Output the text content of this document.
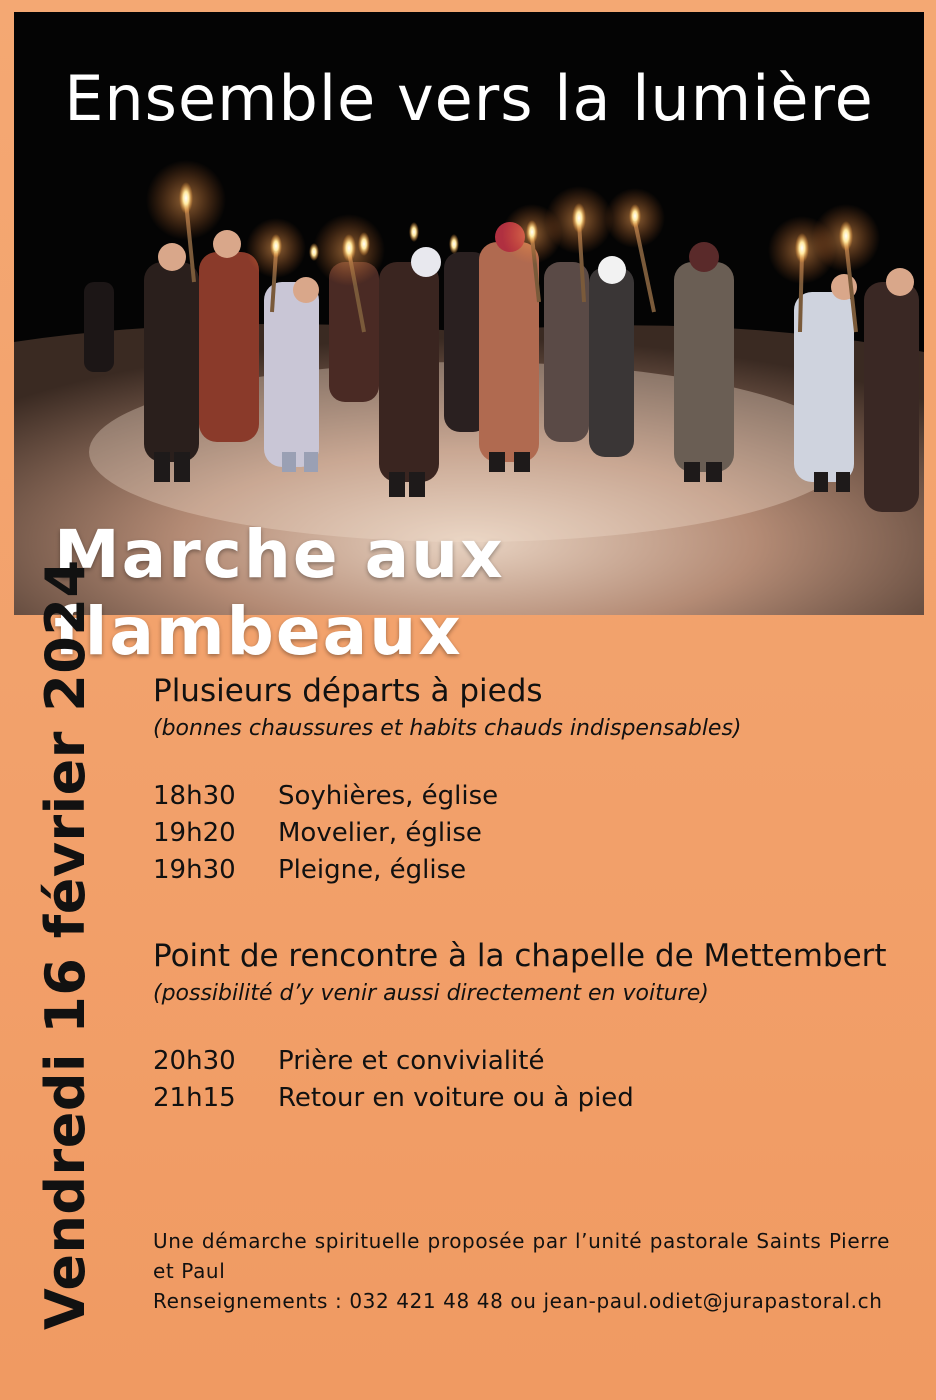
Ensemble vers la lumière
Marche aux flambeaux
Vendredi 16 février 2024 Plusieurs départs à pieds

(bonnes chaussures et habits chauds indispensables)

18h30	Soyhières, église
19h20	Movelier, église
19h30	Pleigne, église

Point de rencontre à la chapelle de Mettembert

(possibilité d’y venir aussi directement en voiture)

20h30	Prière et convivialité
21h15	Retour en voiture ou à pied

Une démarche spirituelle proposée par l’unité pastorale Saints Pierre et Paul

Renseignements : 032 421 48 48 ou jean-paul.odiet@jurapastoral.ch
